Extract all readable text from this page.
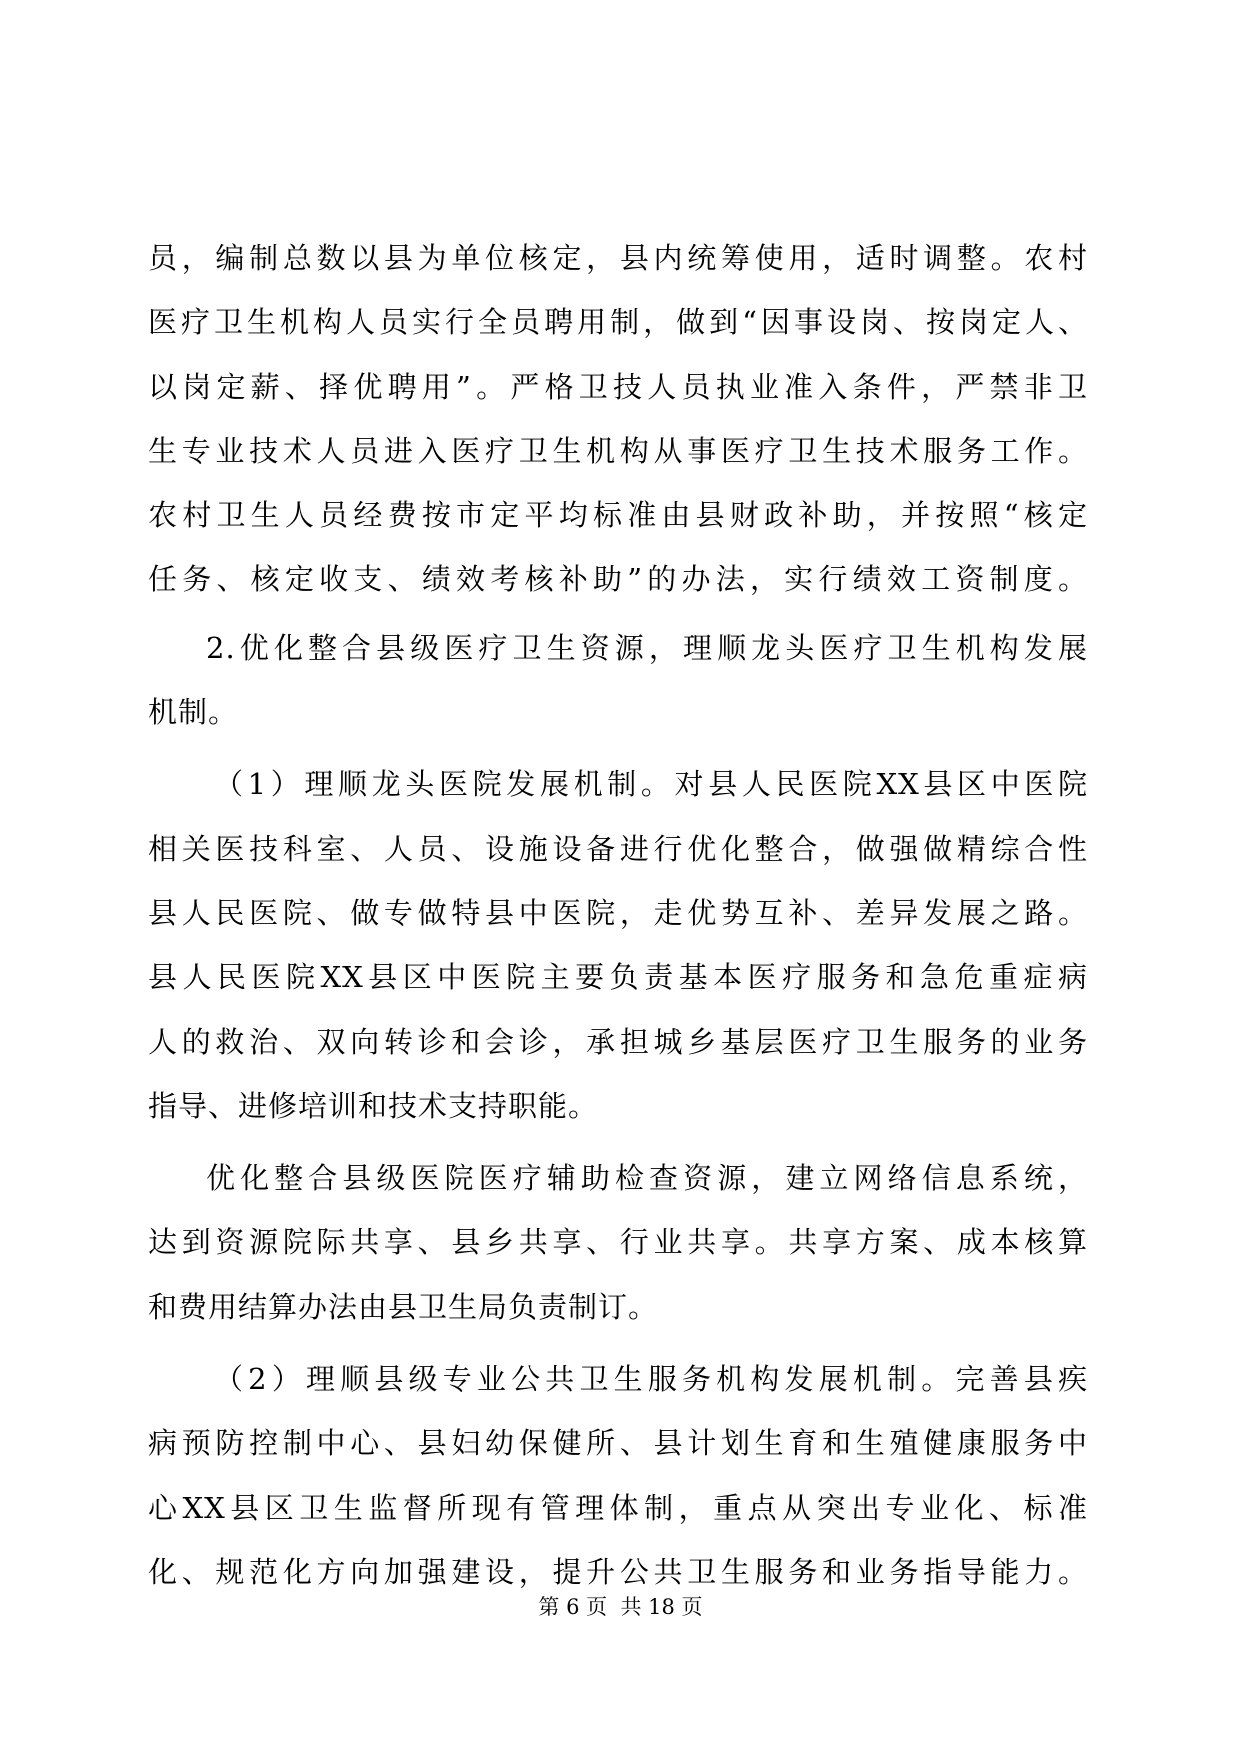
员，编制总数以县为单位核定，县内统筹使用，适时调整。农村
医疗卫生机构人员实行全员聘用制，做到“因事设岗、按岗定人、
以岗定薪、择优聘用”。严格卫技人员执业准入条件，严禁非卫
生专业技术人员进入医疗卫生机构从事医疗卫生技术服务工作。
农村卫生人员经费按市定平均标准由县财政补助，并按照“核定
任务、核定收支、绩效考核补助”的办法，实行绩效工资制度。
2.优化整合县级医疗卫生资源，理顺龙头医疗卫生机构发展
机制。
（1）理顺龙头医院发展机制。对县人民医院XX县区中医院
相关医技科室、人员、设施设备进行优化整合，做强做精综合性
县人民医院、做专做特县中医院，走优势互补、差异发展之路。
县人民医院XX县区中医院主要负责基本医疗服务和急危重症病
人的救治、双向转诊和会诊，承担城乡基层医疗卫生服务的业务
指导、进修培训和技术支持职能。
优化整合县级医院医疗辅助检查资源，建立网络信息系统，
达到资源院际共享、县乡共享、行业共享。共享方案、成本核算
和费用结算办法由县卫生局负责制订。
（2）理顺县级专业公共卫生服务机构发展机制。完善县疾
病预防控制中心、县妇幼保健所、县计划生育和生殖健康服务中
心XX县区卫生监督所现有管理体制，重点从突出专业化、标准
化、规范化方向加强建设，提升公共卫生服务和业务指导能力。
第 6 页  共 18 页
